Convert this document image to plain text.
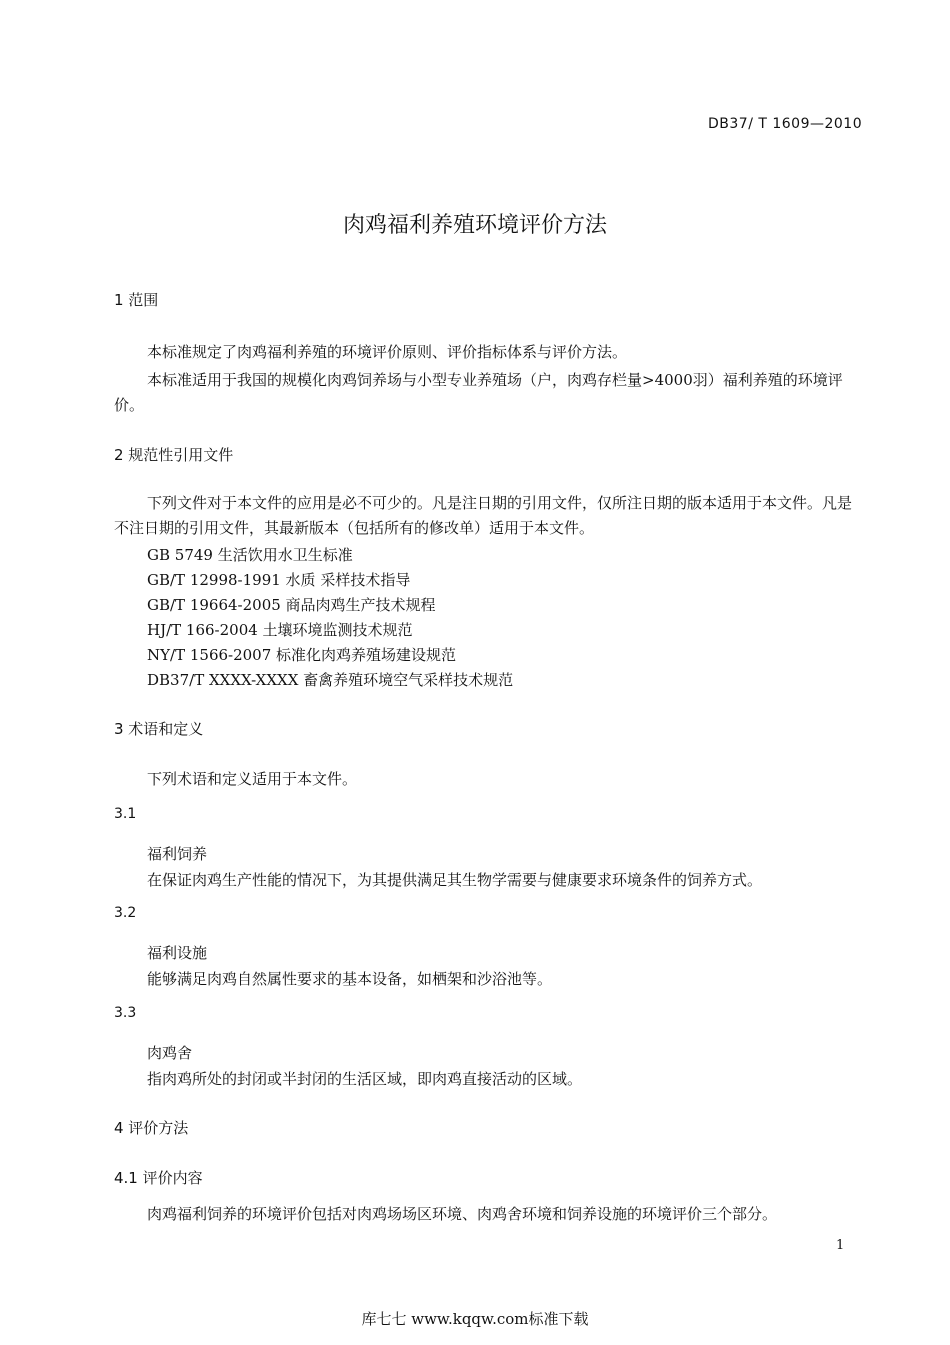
DB37/ T 1609—2010
肉鸡福利养殖环境评价方法
1 范围
本标准规定了肉鸡福利养殖的环境评价原则、评价指标体系与评价方法。
本标准适用于我国的规模化肉鸡饲养场与小型专业养殖场（户，肉鸡存栏量>4000羽）福利养殖的环境评价。
2 规范性引用文件
下列文件对于本文件的应用是必不可少的。凡是注日期的引用文件，仅所注日期的版本适用于本文件。凡是不注日期的引用文件，其最新版本（包括所有的修改单）适用于本文件。
GB 5749 生活饮用水卫生标准
GB/T 12998-1991 水质 采样技术指导
GB/T 19664-2005 商品肉鸡生产技术规程
HJ/T 166-2004 土壤环境监测技术规范
NY/T 1566-2007 标准化肉鸡养殖场建设规范
DB37/T XXXX-XXXX 畜禽养殖环境空气采样技术规范
3 术语和定义
下列术语和定义适用于本文件。
3.1
福利饲养
在保证肉鸡生产性能的情况下，为其提供满足其生物学需要与健康要求环境条件的饲养方式。
3.2
福利设施
能够满足肉鸡自然属性要求的基本设备，如栖架和沙浴池等。
3.3
肉鸡舍
指肉鸡所处的封闭或半封闭的生活区域，即肉鸡直接活动的区域。
4 评价方法
4.1 评价内容
肉鸡福利饲养的环境评价包括对肉鸡场场区环境、肉鸡舍环境和饲养设施的环境评价三个部分。
1
库七七 www.kqqw.com标准下载
